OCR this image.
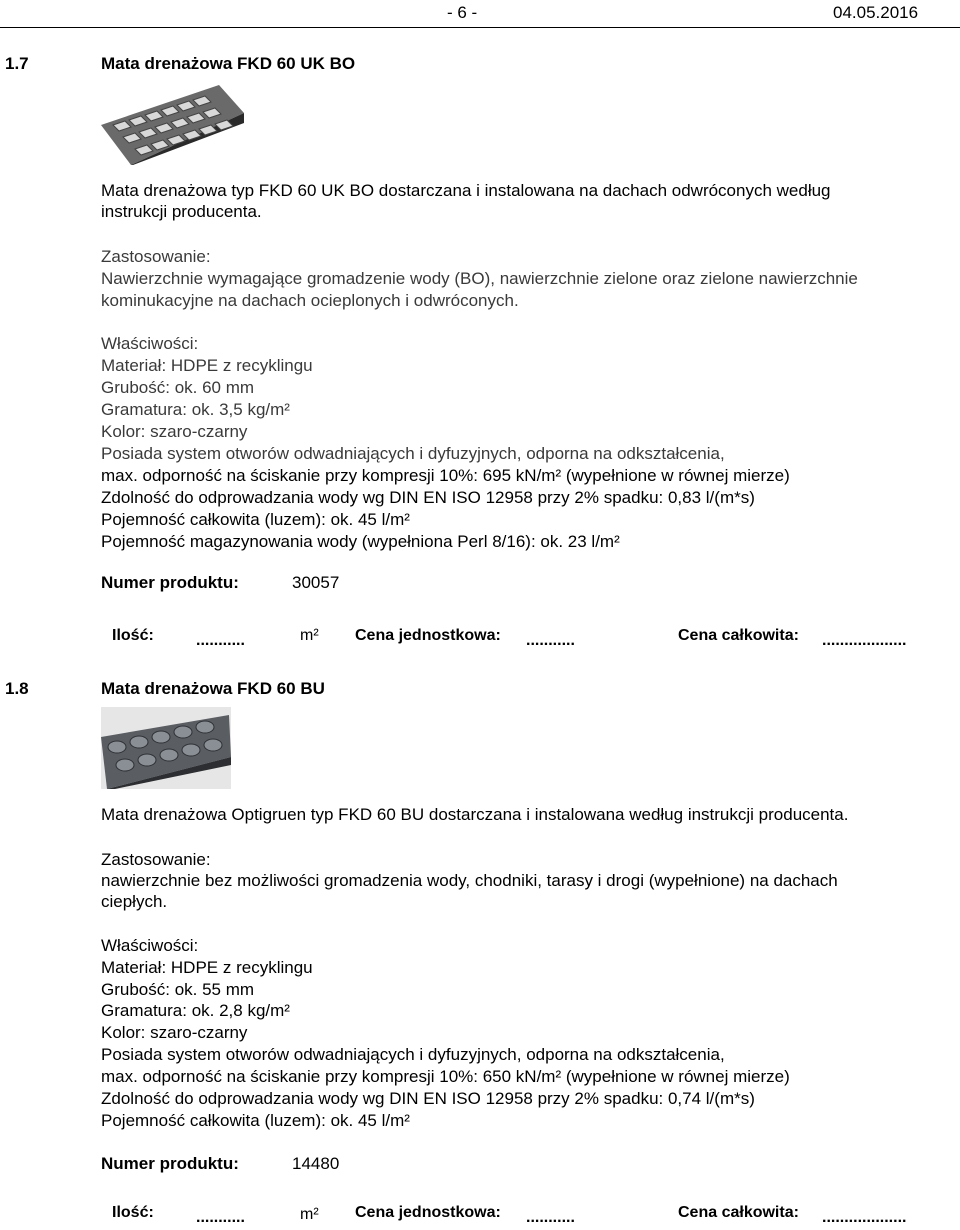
- 6 -	04.05.2016
1.7	Mata drenażowa FKD 60 UK BO
Mata drenażowa typ FKD 60 UK BO dostarczana i instalowana na dachach odwróconych według
instrukcji producenta.
Zastosowanie:
Nawierzchnie wymagające gromadzenie wody (BO), nawierzchnie zielone oraz zielone nawierzchnie
kominukacyjne na dachach ocieplonych i odwróconych.
Właściwości:
Materiał: HDPE z recyklingu
Grubość: ok. 60 mm
Gramatura: ok. 3,5 kg/m²
Kolor: szaro-czarny
Posiada system otworów odwadniających i dyfuzyjnych, odporna na odkształcenia,
max. odporność na ściskanie przy kompresji 10%: 695 kN/m² (wypełnione w równej mierze)
Zdolność do odprowadzania wody wg DIN EN ISO 12958 przy 2% spadku: 0,83 l/(m*s)
Pojemność całkowita (luzem): ok. 45 l/m²
Pojemność magazynowania wody (wypełniona Perl 8/16): ok. 23 l/m²
Numer produktu:	30057
Ilość:	...........	m² Cena jednostkowa: ...........	Cena całkowita: ...................
1.8	Mata drenażowa FKD 60 BU
Mata drenażowa Optigruen typ FKD 60 BU dostarczana i instalowana według instrukcji producenta.
Zastosowanie:
nawierzchnie bez możliwości gromadzenia wody, chodniki, tarasy i drogi (wypełnione) na dachach
ciepłych.
Właściwości:
Materiał: HDPE z recyklingu
Grubość: ok. 55 mm
Gramatura: ok. 2,8 kg/m²
Kolor: szaro-czarny
Posiada system otworów odwadniających i dyfuzyjnych, odporna na odkształcenia,
max. odporność na ściskanie przy kompresji 10%: 650 kN/m² (wypełnione w równej mierze)
Zdolność do odprowadzania wody wg DIN EN ISO 12958 przy 2% spadku: 0,74 l/(m*s)
Pojemność całkowita (luzem): ok. 45 l/m²
Numer produktu:	14480
Ilość:	...........	m² Cena jednostkowa: ...........	Cena całkowita: ...................
